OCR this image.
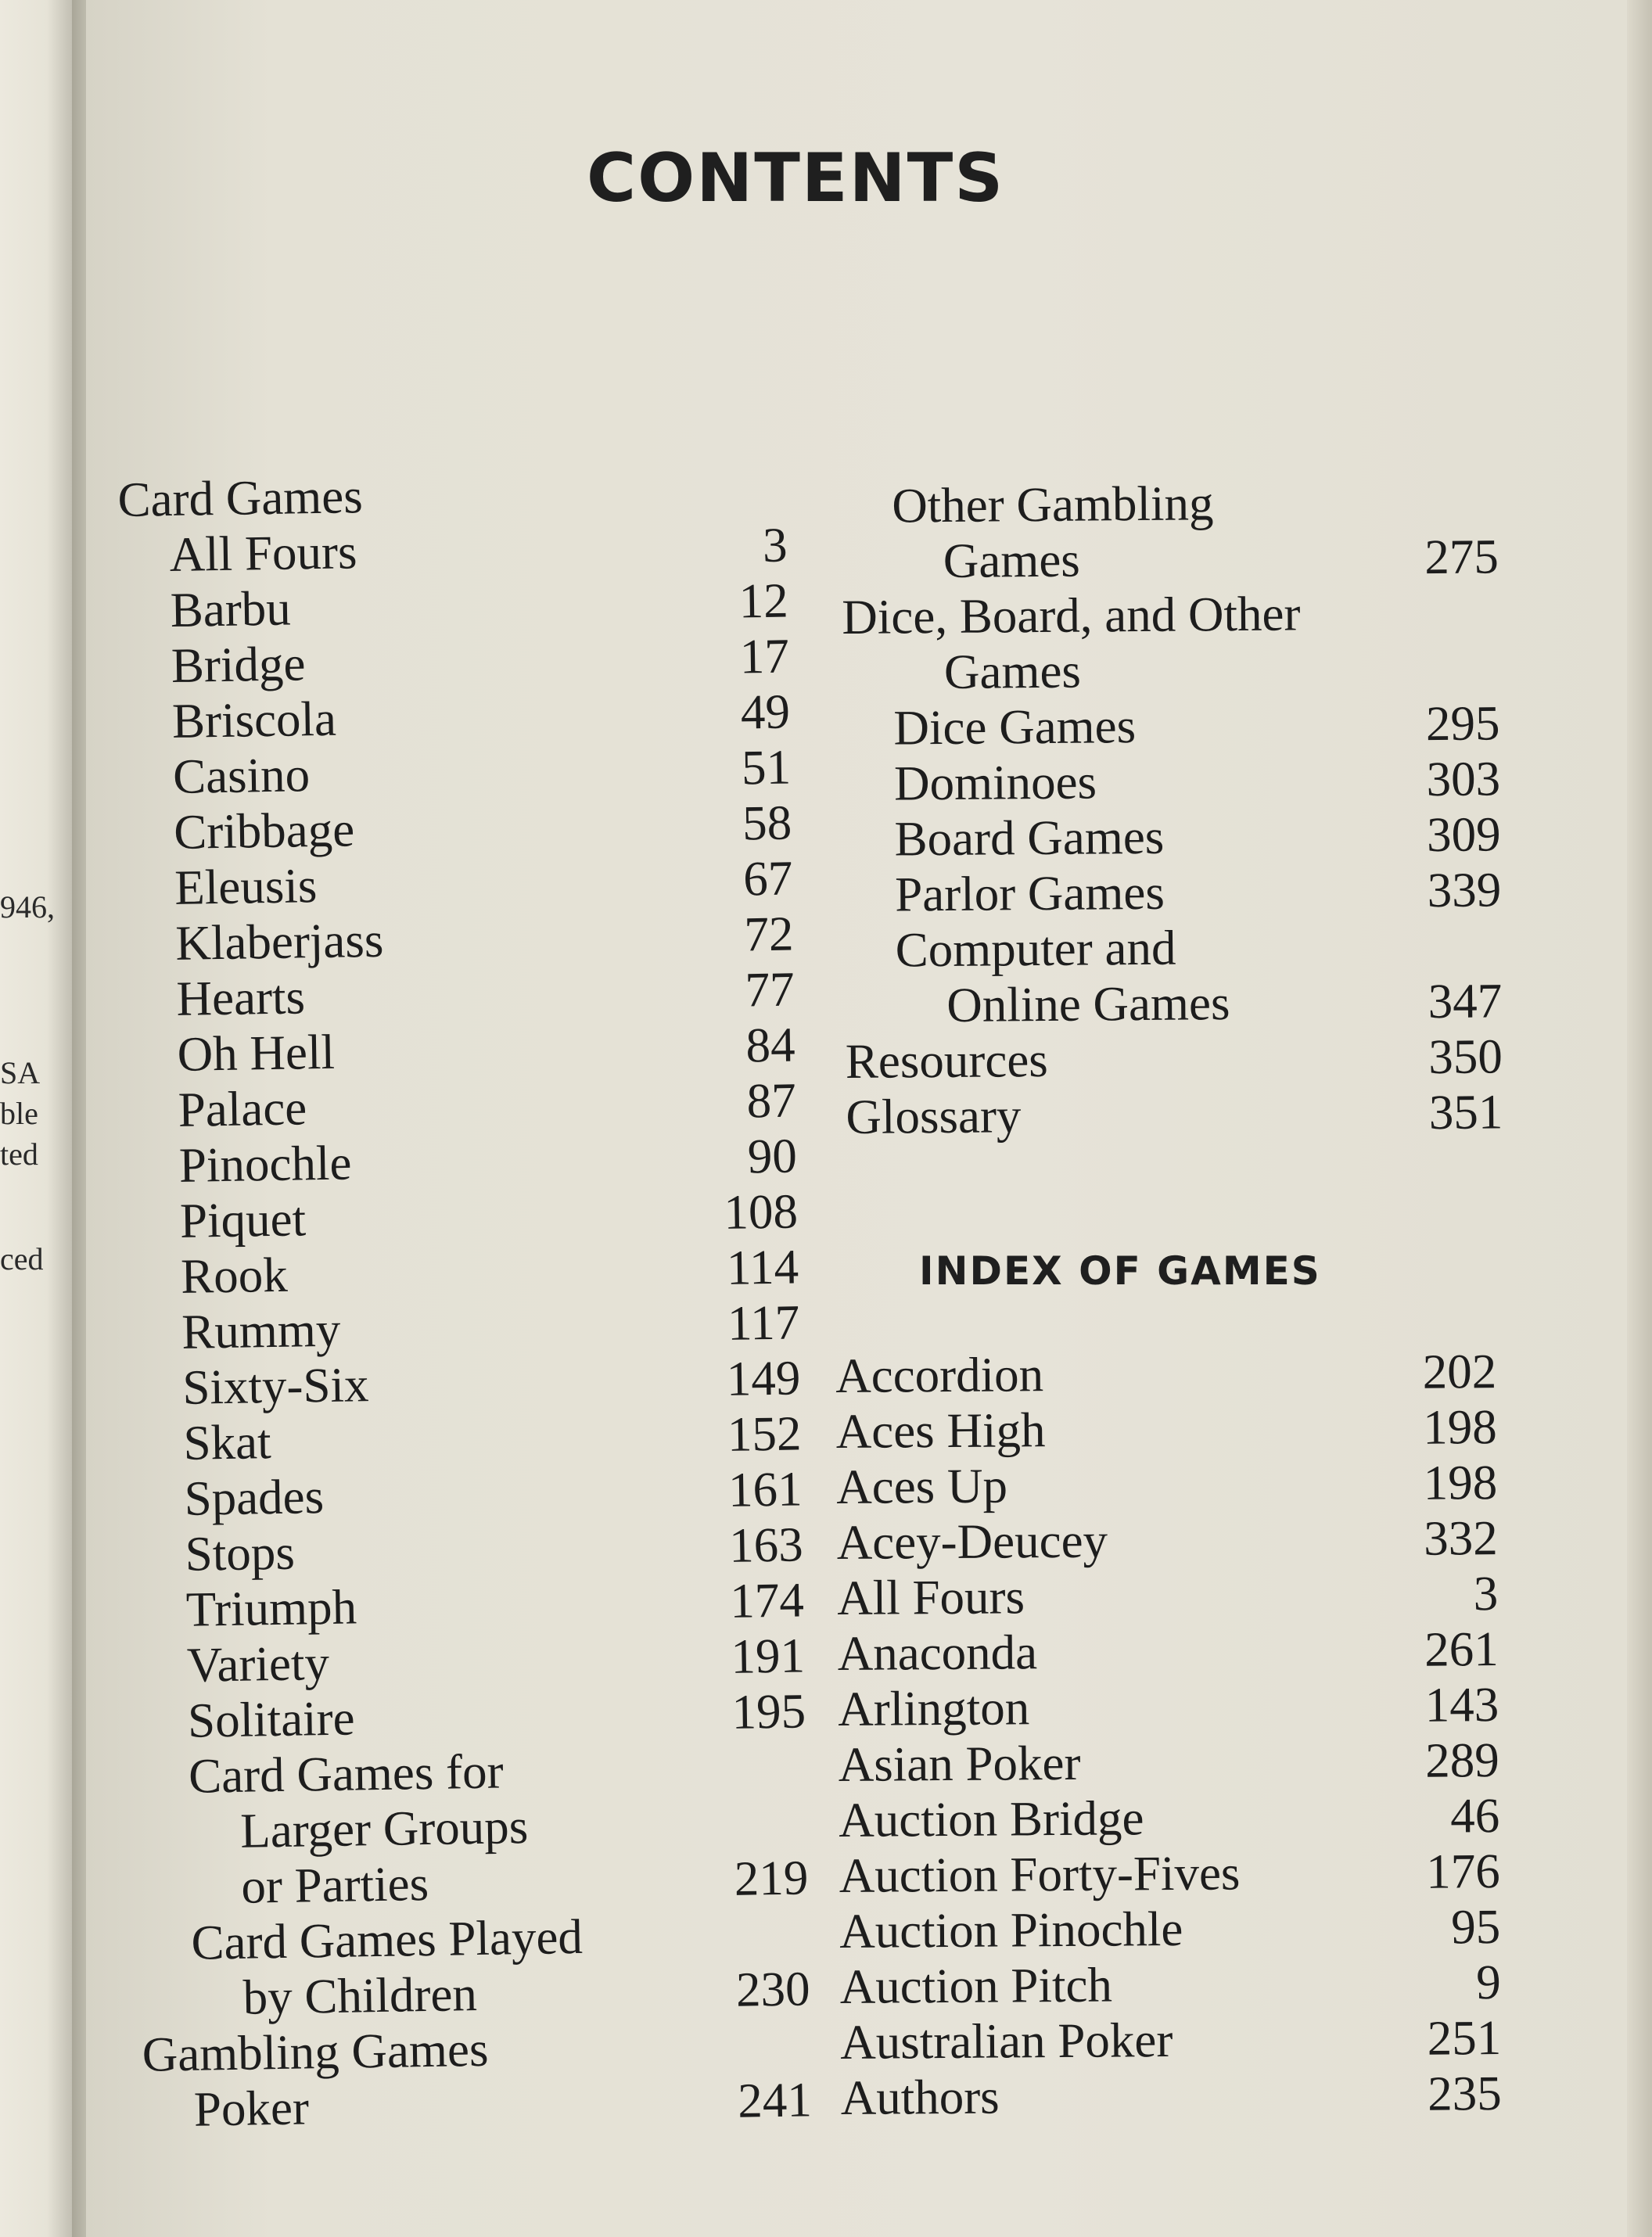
946,
SA
ble
ted
ced
CONTENTS
Card Games
All Fours	3
Barbu	12
Bridge	17
Briscola	49
Casino	51
Cribbage	58
Eleusis	67
Klaberjass	72
Hearts	77
Oh Hell	84
Palace	87
Pinochle	90
Piquet	108
Rook	114
Rummy	117
Sixty-Six	149
Skat	152
Spades	161
Stops	163
Triumph	174
Variety	191
Solitaire	195
Card Games for
Larger Groups
or Parties	219
Card Games Played
by Children	230
Gambling Games
Poker	241
Other Gambling
Games	275
Dice, Board, and Other
Games
Dice Games	295
Dominoes	303
Board Games	309
Parlor Games	339
Computer and
Online Games	347
Resources	350
Glossary	351
INDEX OF GAMES
Accordion	202
Aces High	198
Aces Up	198
Acey-Deucey	332
All Fours	3
Anaconda	261
Arlington	143
Asian Poker	289
Auction Bridge	46
Auction Forty-Fives	176
Auction Pinochle	95
Auction Pitch	9
Australian Poker	251
Authors	235
